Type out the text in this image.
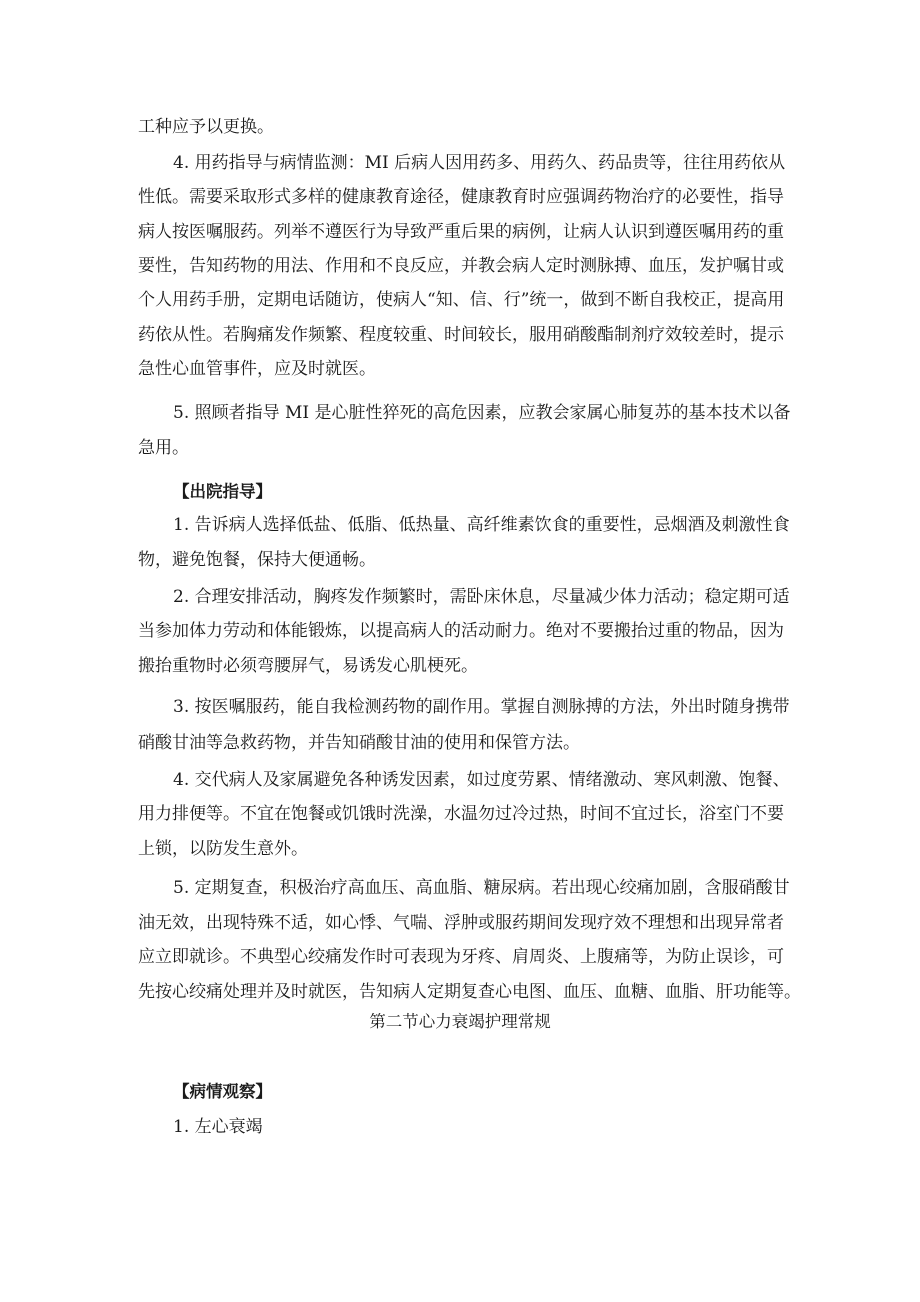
工种应予以更换。
4. 用药指导与病情监测：MI 后病人因用药多、用药久、药品贵等，往往用药依从
性低。需要采取形式多样的健康教育途径，健康教育时应强调药物治疗的必要性，指导
病人按医嘱服药。列举不遵医行为导致严重后果的病例，让病人认识到遵医嘱用药的重
要性，告知药物的用法、作用和不良反应，并教会病人定时测脉搏、血压，发护嘱甘或
个人用药手册，定期电话随访，使病人“知、信、行”统一，做到不断自我校正，提高用
药依从性。若胸痛发作频繁、程度较重、时间较长，服用硝酸酯制剂疗效较差时，提示
急性心血管事件，应及时就医。
5. 照顾者指导 MI 是心脏性猝死的高危因素，应教会家属心肺复苏的基本技术以备
急用。
【出院指导】
1. 告诉病人选择低盐、低脂、低热量、高纤维素饮食的重要性，忌烟酒及刺激性食
物，避免饱餐，保持大便通畅。
2. 合理安排活动，胸疼发作频繁时，需卧床休息，尽量减少体力活动；稳定期可适
当参加体力劳动和体能锻炼，以提高病人的活动耐力。绝对不要搬抬过重的物品，因为
搬抬重物时必须弯腰屏气，易诱发心肌梗死。
3. 按医嘱服药，能自我检测药物的副作用。掌握自测脉搏的方法，外出时随身携带
硝酸甘油等急救药物，并告知硝酸甘油的使用和保管方法。
4. 交代病人及家属避免各种诱发因素，如过度劳累、情绪激动、寒风刺激、饱餐、
用力排便等。不宜在饱餐或饥饿时洗澡，水温勿过冷过热，时间不宜过长，浴室门不要
上锁，以防发生意外。
5. 定期复查，积极治疗高血压、高血脂、糖尿病。若出现心绞痛加剧，含服硝酸甘
油无效，出现特殊不适，如心悸、气喘、浮肿或服药期间发现疗效不理想和出现异常者
应立即就诊。不典型心绞痛发作时可表现为牙疼、肩周炎、上腹痛等，为防止误诊，可
先按心绞痛处理并及时就医，告知病人定期复查心电图、血压、血糖、血脂、肝功能等。
第二节心力衰竭护理常规
【病情观察】
1. 左心衰竭
